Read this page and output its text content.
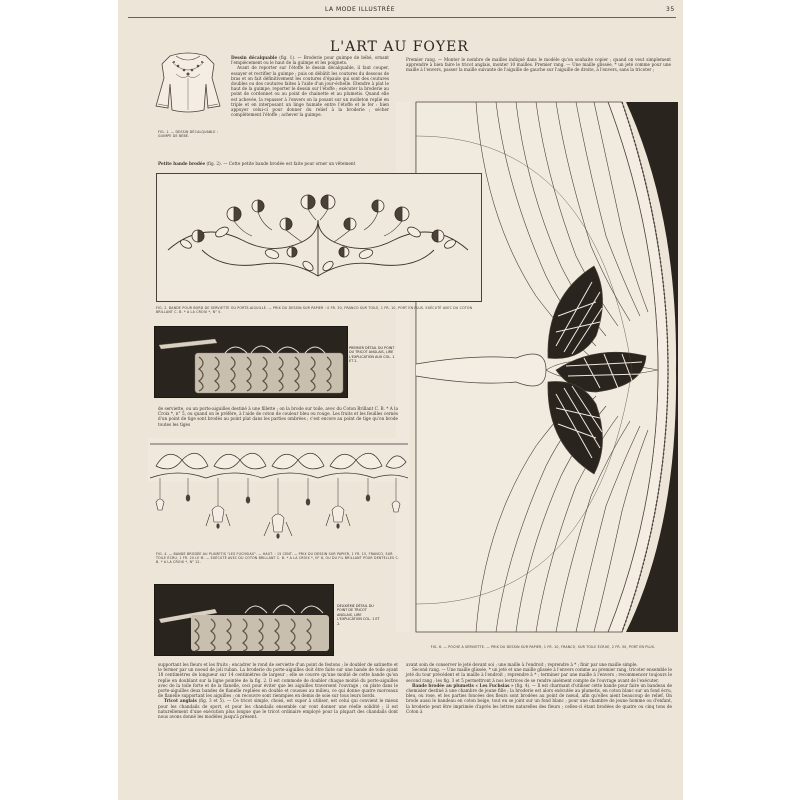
LA MODE ILLUSTRÉE	35
L'ART AU FOYER
FIG. 1. — DESSIN DÉCALQUABLE : GUIMPE DE BÉBÉ.
Dessin décalquable (fig. 1). — Broderie pour guimpe de bébé, ornant l'empiècement ou le haut de la guimpe et les poignets.
Avant de reporter sur l'étoffe le dessin décalquable, il faut couper, essayer et rectifier la guimpe ; puis on débâtit les coutures du dessous de bras et on fait définitivement les coutures d'épaule qui sont des coutures doubles ou des coutures faites à l'aide d'un jour-échelle. Etendre à plat le haut de la guimpe, reporter le dessin sur l'étoffe ; exécuter la broderie au point de cordonnet ou au point de chainette et au plumetis. Quand elle est achevée, la repasser à l'envers on la posant sur un molleton replié en triple et en interposant un linge humide entre l'étoffe et le fer : bien appuyer celui-ci pour donner du relief à la broderie ; sécher complètement l'étoffe ; achever la guimpe.
Petite bande brodée (fig. 2). — Cette petite bande brodée est faite pour orner un vêtement
Premier rang. — Monter le nombre de mailles indiqué dans le modèle qu'on souhaite copier ; quand on veut simplement apprendre à bien faire le tricot anglais, monter 10 mailles. Premier rang. — Une maille glissée, * un jeté comme pour une maille à l'envers, passer la maille suivante de l'aiguille de gauche sur l'aiguille de droite, à l'envers, sans la tricoter ;
FIG. 6. — POCHE A SERVIETTE. — PRIX DU DESSIN SUR PAPIER, 1 FR. 10, FRANCO, SUR TOILE ÉCRUE, 2 FR. 50, PORT EN PLUS.
FIG. 2. BANDE POUR BORD DE SERVIETTE OU PORTE-AIGUILLE. — PRIX DU DESSIN SUR PAPIER : 0 FR. 30, FRANCO SUR TOILE, 1 FR. 10, PORT EN PLUS. EXÉCUTÉ AVEC DU COTON BRILLANT C. B. * A LA CROIX *, N° 5.
PREMIER DÉTAIL DU POINT DU TRICOT ANGLAIS, LIRE L'EXPLICATION AUX COL. 1 ET 2.
de serviette, ou un porte-aiguilles destiné à une fillette ; on la brode sur toile, avec du Coton Brillant C. B. * A la Croix *, n° 5, ou quand on le préfère, à l'aide de coton de couleur bleu ou rouge. Les fruits et les feuilles cernés d'un point de tige sont brodés au point plat dans les parties ombrées ; c'est encore au point de tige qu'on brode toutes les tiges
FIG. 4. — BANDE BRODÉE AU PLUMETIS "LES FUCHSIAS". — HAUT. : 15 CENT. — PRIX DU DESSIN SUR PAPIER, 1 FR. 15, FRANCO, SUR TOILE ÉCRU, 1 FR. 20 LE M. — EXÉCUTÉ AVEC DU COTON BRILLANT C. B. * A LA CROIX *, N° 8, OU DU FIL BRILLANT POUR DENTELLES C. B. * A LA CROIX *, N° 12.
DEUXIÈME DÉTAIL DU POINT DE TRICOT ANGLAIS, LIRE L'EXPLICATION COL. 1 ET 2.
supportant les fleurs et les fruits ; encadrer le rond de serviette d'un point de festons ; le doubler de satinette et le fermer par un noeud de joli ruban. La broderie du porte-aiguilles doit être faite sur une bande de toile ayant 18 centimètres de longueur sur 14 centimètres de largeur ; elle se couvre qu'une moitié de cette bande qu'on replie en doublant sur la ligne pointée de la fig. 2. Il est commode de doubler chaque moitié du porte-aiguilles avec de la toile forte et de la flanelle, ceci pour éviter que les aiguilles traversent l'ouvrage ; on plate dans le porte-aiguilles deux bandes de flanelle repliées en double et cousues au milieu, ce qui donne quatre morceaux de flanelle supportant les aiguilles ; on recouvre sont rienmpies en demis de soie sur tous leurs bords.
Tricot anglais (fig. 3 et 5). — Ce tricot simple, choisi, est super à utiliser, est celui qui convient le mieux pour les chandails de sport, et pour les chandails ensemble car vont donner une réelle solidité ; il est naturellement d'une exécution plus longue que le tricot ordinaire employé pour la plupart des chandails dont nous avons donné les modèles jusqu'à présent.
avant soin de conserver le jeté devant soi ; une maille à l'endroit ; reprendre à * ; finir par une maille simple.
Second rang. — Une maille glissée, * un jeté et une maille glissée à l'envers comme au premier rang, tricoter ensemble le jeté du tour précédent et la maille à l'endroit ; reprendre à * ; terminer par une maille à l'envers ; recommencer toujours le second rang ; les fig. 3 et 5 permettront à nos lectrices de se rendre aisément compte de l'ouvrage avant de l'exécuter.
Bande brodée au plumetis « Les Fuchsias » (fig. 4). — Il est charmant d'utiliser cette bande pour faire un bandeau de chemisier destiné à une chambre de jeune fille ; la broderie est alors exécutée au plumetis, en coton blanc sur un fond écru, bleu, ou rose, et les parties foncées des fleurs sont brodées au point de nœud, afin qu'elles aient beaucoup de relief. On brode aussi le bandeau en coton beige, tout en se joint sur un fond blanc ; pour une chambre de jeune homme ou d'enfant, la broderie peut être imprimée d'après les lettres naturelles des fleurs ; celles-ci étant brodées de quatre ou cinq tons de Coton à
